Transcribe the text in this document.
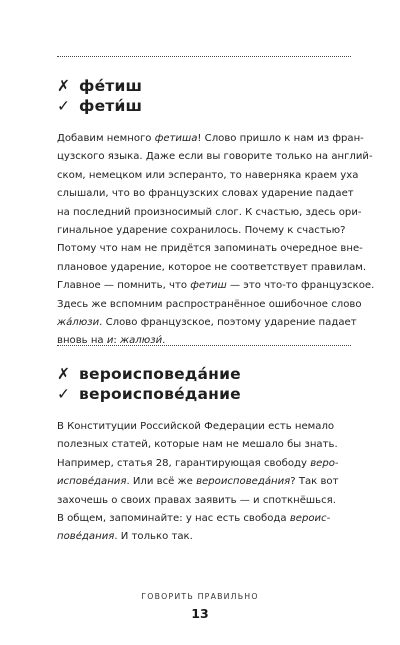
✗ фе́тиш
✓ фети́ш

Добавим немного фетиша! Слово пришло к нам из фран-
цузского языка. Даже если вы говорите только на англий-
ском, немецком или эсперанто, то наверняка краем уха
слышали, что во французских словах ударение падает
на последний произносимый слог. К счастью, здесь ори-
гинальное ударение сохранилось. Почему к счастью?
Потому что нам не придётся запоминать очередное вне-
плановое ударение, которое не соответствует правилам.
Главное — помнить, что фетиш — это что-то французское.
Здесь же вспомним распространённое ошибочное слово
жа́люзи. Слово французское, поэтому ударение падает
вновь на и: жалюзи́.

✗ вероисповеда́ние
✓ вероиспове́дание

В Конституции Российской Федерации есть немало
полезных статей, которые нам не мешало бы знать.
Например, статья 28, гарантирующая свободу веро-
испове́дания. Или всё же вероисповеда́ния? Так вот
захочешь о своих правах заявить — и споткнёшься.
В общем, запоминайте: у нас есть свобода вероис-
пове́дания. И только так.

ГОВОРИТЬ ПРАВИЛЬНО
13
